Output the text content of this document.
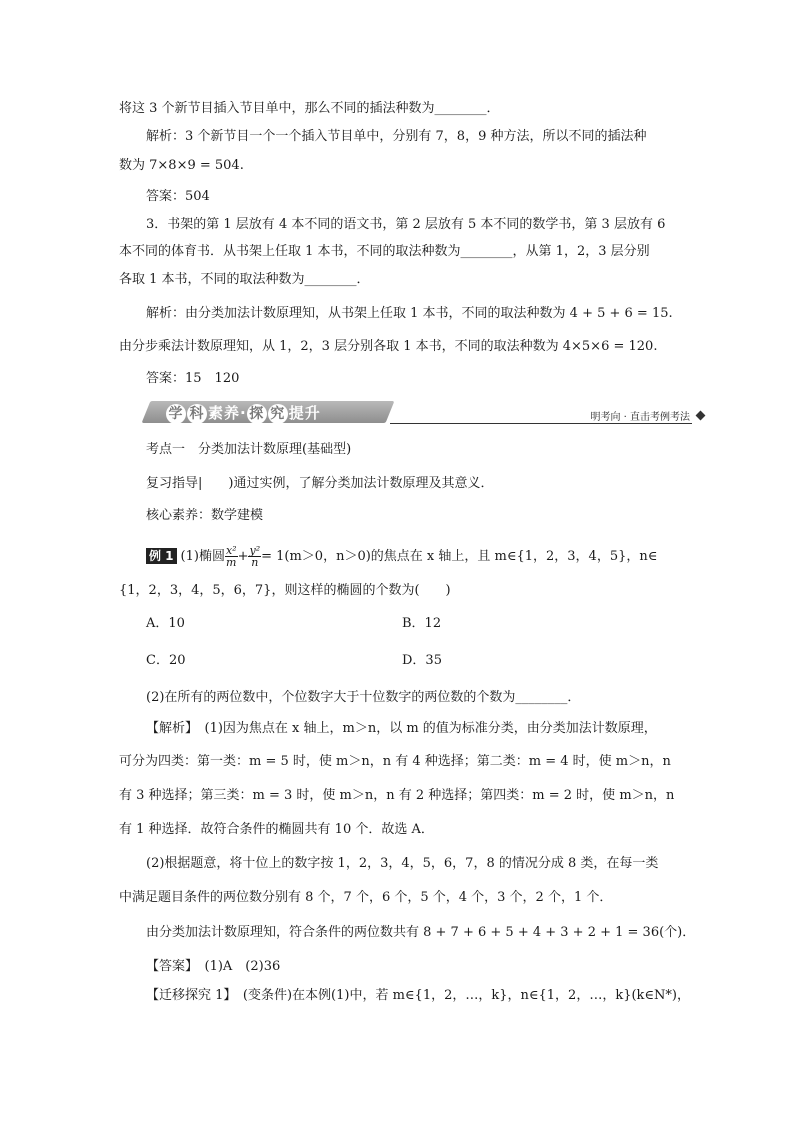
将这 3 个新节目插入节目单中，那么不同的插法种数为________．
解析：3 个新节目一个一个插入节目单中，分别有 7，8，9 种方法，所以不同的插法种
数为 7×8×9 = 504.
答案：504
3．书架的第 1 层放有 4 本不同的语文书，第 2 层放有 5 本不同的数学书，第 3 层放有 6
本不同的体育书．从书架上任取 1 本书，不同的取法种数为________，从第 1，2，3 层分别
各取 1 本书，不同的取法种数为________．
解析：由分类加法计数原理知，从书架上任取 1 本书，不同的取法种数为 4 + 5 + 6 = 15.
由分步乘法计数原理知，从 1，2，3 层分别各取 1 本书，不同的取法种数为 4×5×6 = 120.
答案：15　120
学 科 素养· 探 究 提升	明考向 · 直击考例考法
考点一　分类加法计数原理(基础型)
复习指导|　　)通过实例，了解分类加法计数原理及其意义．
核心素养：数学建模
例 1 (1)椭圆 $\frac{\text{x²}}{m} + \frac{\text{y²}}{n} = 1(m>0$，n＞0)的焦点在 x 轴上，且 m∈{1，2，3，4，5}，n∈
{1，2，3，4，5，6，7}，则这样的椭圆的个数为(　　)
A．10	B．12
C．20	D．35
(2)在所有的两位数中，个位数字大于十位数字的两位数的个数为________．
【解析】　(1)因为焦点在 x 轴上，m＞n，以 m 的值为标准分类，由分类加法计数原理，
可分为四类：第一类：m = 5 时，使 m＞n，n 有 4 种选择；第二类：m = 4 时，使 m＞n，n
有 3 种选择；第三类：m = 3 时，使 m＞n，n 有 2 种选择；第四类：m = 2 时，使 m＞n，n
有 1 种选择．故符合条件的椭圆共有 10 个．故选 A．
(2)根据题意，将十位上的数字按 1，2，3，4，5，6，7，8 的情况分成 8 类，在每一类
中满足题目条件的两位数分别有 8 个，7 个，6 个，5 个，4 个，3 个，2 个，1 个．
由分类加法计数原理知，符合条件的两位数共有 8 + 7 + 6 + 5 + 4 + 3 + 2 + 1 = 36(个)．
【答案】　(1)A　(2)36
【迁移探究 1】　(变条件)在本例(1)中，若 m∈{1，2，…，k}，n∈{1，2，…，k}(k∈N*)，
